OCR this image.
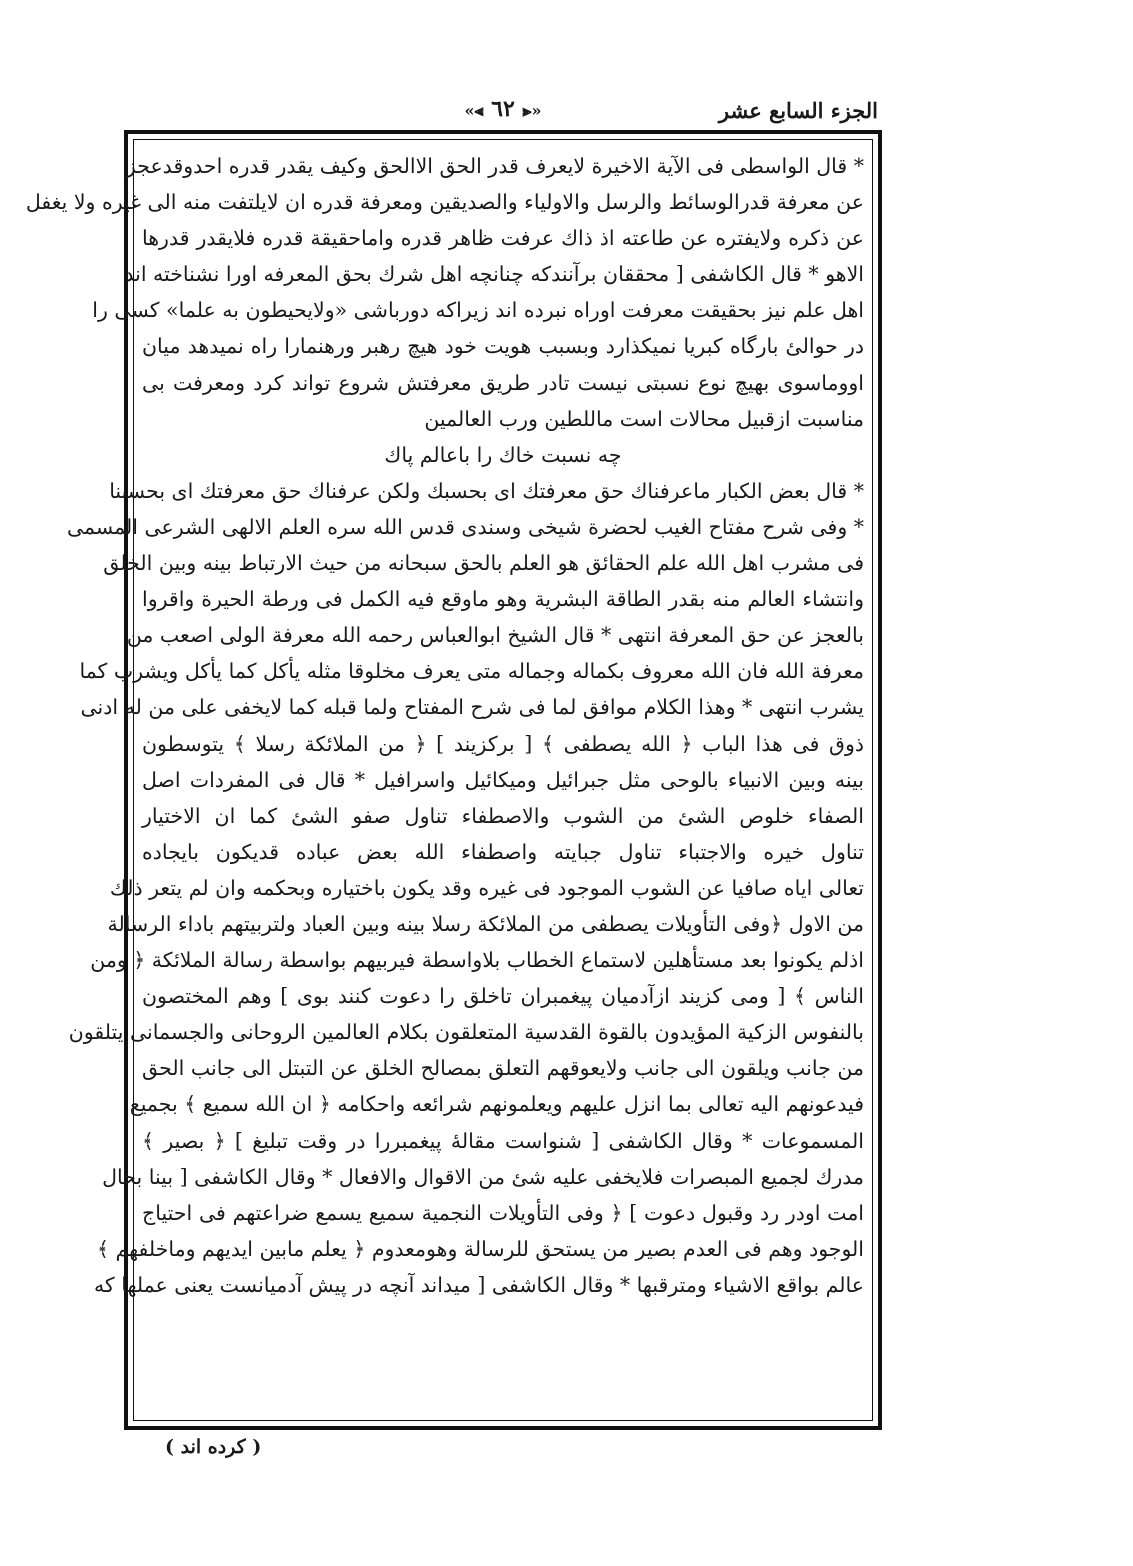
الجزء السابع عشر
«⫷ ٦٢ ⫸»
* قال الواسطى فى الآية الاخيرة لايعرف قدر الحق الاالحق وكيف يقدر قدره احدوقدعجز
عن معرفة قدرالوسائط والرسل والاولياء والصديقين ومعرفة قدره ان لايلتفت منه الى غيره ولا يغفل
عن ذكره ولايفتره عن طاعته اذ ذاك عرفت ظاهر قدره واماحقيقة قدره فلايقدر قدرها
الاهو * قال الكاشفى [ محققان برآنندكه چنانچه اهل شرك بحق المعرفه اورا نشناخته اند
اهل علم نيز بحقيقت معرفت اوراه نبرده اند زيراكه دورباشى «ولايحيطون به علما» كسى را
در حوالئ بارگاه كبريا نميكذارد وبسبب هويت خود هيچ رهبر ورهنمارا راه نميدهد ميان
اووماسوى بهيچ نوع نسبتى نيست تادر طريق معرفتش شروع تواند كرد ومعرفت بى
مناسبت ازقبيل محالات است ماللطين ورب العالمين
چه نسبت خاك را باعالم پاك
* قال بعض الكبار ماعرفناك حق معرفتك اى بحسبك ولكن عرفناك حق معرفتك اى بحسبنا
* وفى شرح مفتاح الغيب لحضرة شيخى وسندى قدس الله سره العلم الالهى الشرعى المسمى
فى مشرب اهل الله علم الحقائق هو العلم بالحق سبحانه من حيث الارتباط بينه وبين الخلق
وانتشاء العالم منه بقدر الطاقة البشرية وهو ماوقع فيه الكمل فى ورطة الحيرة واقروا
بالعجز عن حق المعرفة انتهى * قال الشيخ ابوالعباس رحمه الله معرفة الولى اصعب من
معرفة الله فان الله معروف بكماله وجماله متى يعرف مخلوقا مثله يأكل كما يأكل ويشرب كما
يشرب انتهى * وهذا الكلام موافق لما فى شرح المفتاح ولما قبله كما لايخفى على من له ادنى
ذوق فى هذا الباب ﴿ الله يصطفى ﴾ [ بركزيند ] ﴿ من الملائكة رسلا ﴾ يتوسطون
بينه وبين الانبياء بالوحى مثل جبرائيل وميكائيل واسرافيل * قال فى المفردات اصل
الصفاء خلوص الشئ من الشوب والاصطفاء تناول صفو الشئ كما ان الاختيار
تناول خيره والاجتباء تناول جبايته واصطفاء الله بعض عباده قديكون بايجاده
تعالى اياه صافيا عن الشوب الموجود فى غيره وقد يكون باختياره وبحكمه وان لم يتعر ذلك
من الاول ﴿وفى التأويلات يصطفى من الملائكة رسلا بينه وبين العباد ولتربيتهم باداء الرسالة
اذلم يكونوا بعد مستأهلين لاستماع الخطاب بلاواسطة فيربيهم بواسطة رسالة الملائكة ﴿ ومن
الناس ﴾ [ ومى كزيند ازآدميان پيغمبران تاخلق را دعوت كنند بوى ] وهم المختصون
بالنفوس الزكية المؤيدون بالقوة القدسية المتعلقون بكلام العالمين الروحانى والجسمانى يتلقون
من جانب ويلقون الى جانب ولايعوقهم التعلق بمصالح الخلق عن التبتل الى جانب الحق
فيدعونهم اليه تعالى بما انزل عليهم ويعلمونهم شرائعه واحكامه ﴿ ان الله سميع ﴾ بجميع
المسموعات * وقال الكاشفى [ شنواست مقالهٔ پيغمبررا در وقت تبليغ ] ﴿ بصير ﴾
مدرك لجميع المبصرات فلايخفى عليه شئ من الاقوال والافعال * وقال الكاشفى [ بينا بحال
امت اودر رد وقبول دعوت ] ﴿ وفى التأويلات النجمية سميع يسمع ضراعتهم فى احتياج
الوجود وهم فى العدم بصير من يستحق للرسالة وهومعدوم ﴿ يعلم مابين ايديهم وماخلفهم ﴾
عالم بواقع الاشياء ومترقبها * وقال الكاشفى [ ميداند آنچه در پيش آدميانست يعنى عملها كه
( كرده اند )
